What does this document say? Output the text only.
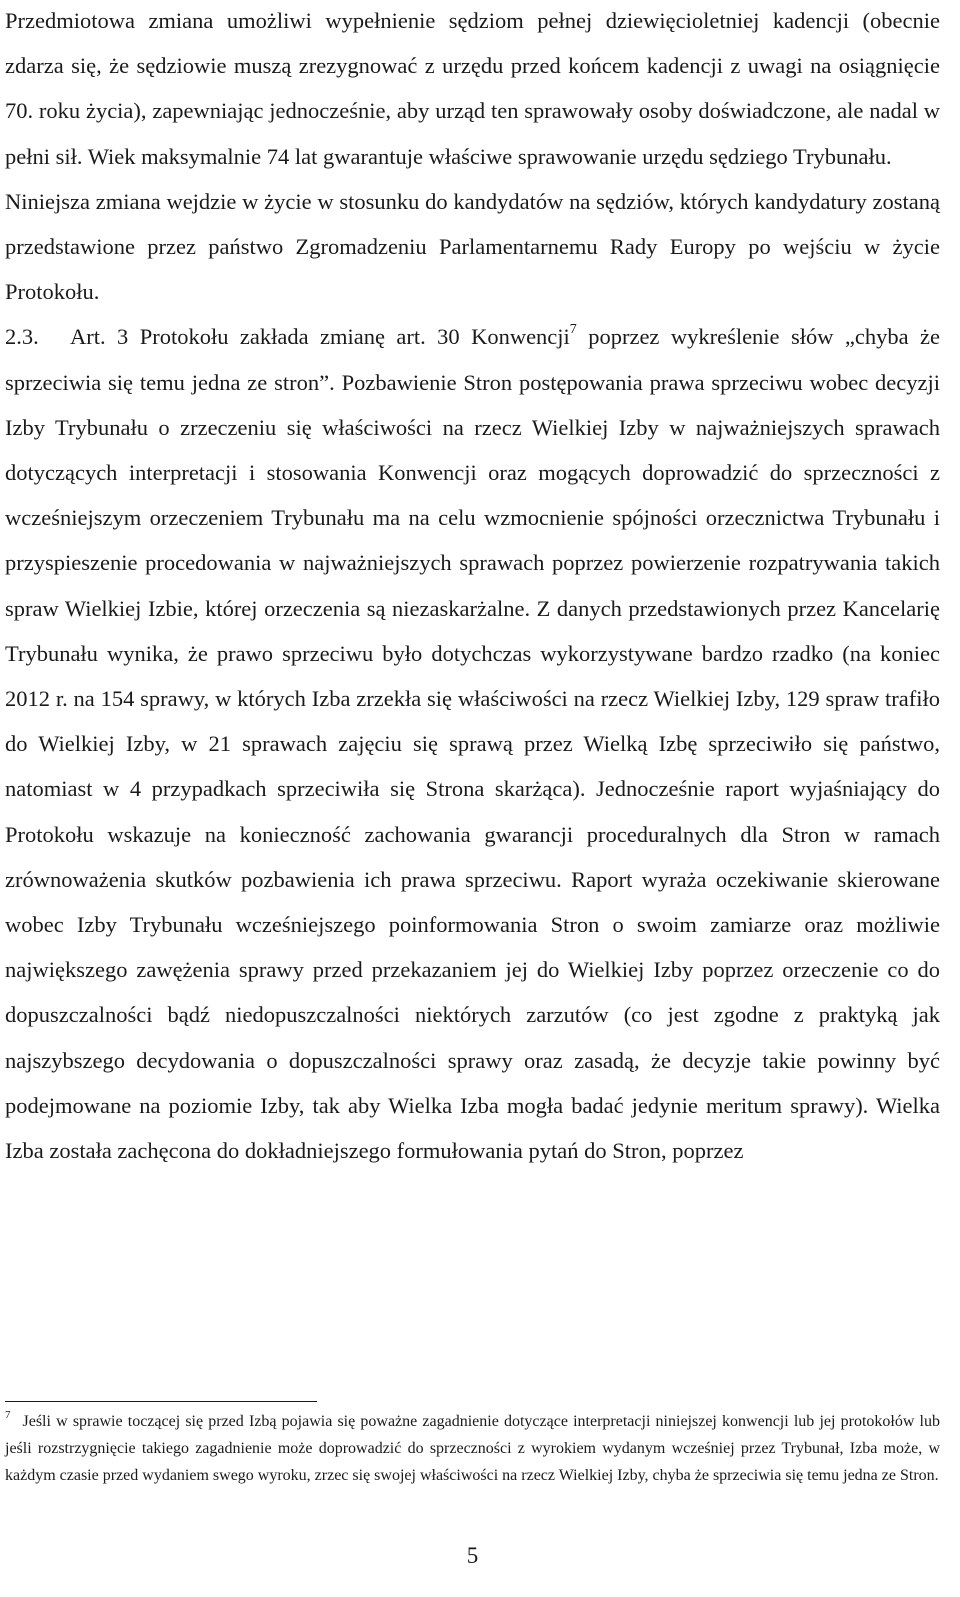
Przedmiotowa zmiana umożliwi wypełnienie sędziom pełnej dziewięcioletniej kadencji (obecnie zdarza się, że sędziowie muszą zrezygnować z urzędu przed końcem kadencji z uwagi na osiągnięcie 70. roku życia), zapewniając jednocześnie, aby urząd ten sprawowały osoby doświadczone, ale nadal w pełni sił. Wiek maksymalnie 74 lat gwarantuje właściwe sprawowanie urzędu sędziego Trybunału.

Niniejsza zmiana wejdzie w życie w stosunku do kandydatów na sędziów, których kandydatury zostaną przedstawione przez państwo Zgromadzeniu Parlamentarnemu Rady Europy po wejściu w życie Protokołu.

2.3. Art. 3 Protokołu zakłada zmianę art. 30 Konwencji$^7$ poprzez wykreślenie słów „chyba że sprzeciwia się temu jedna ze stron”. Pozbawienie Stron postępowania prawa sprzeciwu wobec decyzji Izby Trybunału o zrzeczeniu się właściwości na rzecz Wielkiej Izby w najważniejszych sprawach dotyczących interpretacji i stosowania Konwencji oraz mogących doprowadzić do sprzeczności z wcześniejszym orzeczeniem Trybunału ma na celu wzmocnienie spójności orzecznictwa Trybunału i przyspieszenie procedowania w najważniejszych sprawach poprzez powierzenie rozpatrywania takich spraw Wielkiej Izbie, której orzeczenia są niezaskarżalne. Z danych przedstawionych przez Kancelarię Trybunału wynika, że prawo sprzeciwu było dotychczas wykorzystywane bardzo rzadko (na koniec 2012 r. na 154 sprawy, w których Izba zrzekła się właściwości na rzecz Wielkiej Izby, 129 spraw trafiło do Wielkiej Izby, w 21 sprawach zajęciu się sprawą przez Wielką Izbę sprzeciwiło się państwo, natomiast w 4 przypadkach sprzeciwiła się Strona skarżąca). Jednocześnie raport wyjaśniający do Protokołu wskazuje na konieczność zachowania gwarancji proceduralnych dla Stron w ramach zrównoważenia skutków pozbawienia ich prawa sprzeciwu. Raport wyraża oczekiwanie skierowane wobec Izby Trybunału wcześniejszego poinformowania Stron o swoim zamiarze oraz możliwie największego zawężenia sprawy przed przekazaniem jej do Wielkiej Izby poprzez orzeczenie co do dopuszczalności bądź niedopuszczalności niektórych zarzutów (co jest zgodne z praktyką jak najszybszego decydowania o dopuszczalności sprawy oraz zasadą, że decyzje takie powinny być podejmowane na poziomie Izby, tak aby Wielka Izba mogła badać jedynie meritum sprawy). Wielka Izba została zachęcona do dokładniejszego formułowania pytań do Stron, poprzez

$^7$ Jeśli w sprawie toczącej się przed Izbą pojawia się poważne zagadnienie dotyczące interpretacji niniejszej konwencji lub jej protokołów lub jeśli rozstrzygnięcie takiego zagadnienie może doprowadzić do sprzeczności z wyrokiem wydanym wcześniej przez Trybunał, Izba może, w każdym czasie przed wydaniem swego wyroku, zrzec się swojej właściwości na rzecz Wielkiej Izby, chyba że sprzeciwia się temu jedna ze Stron.

5
